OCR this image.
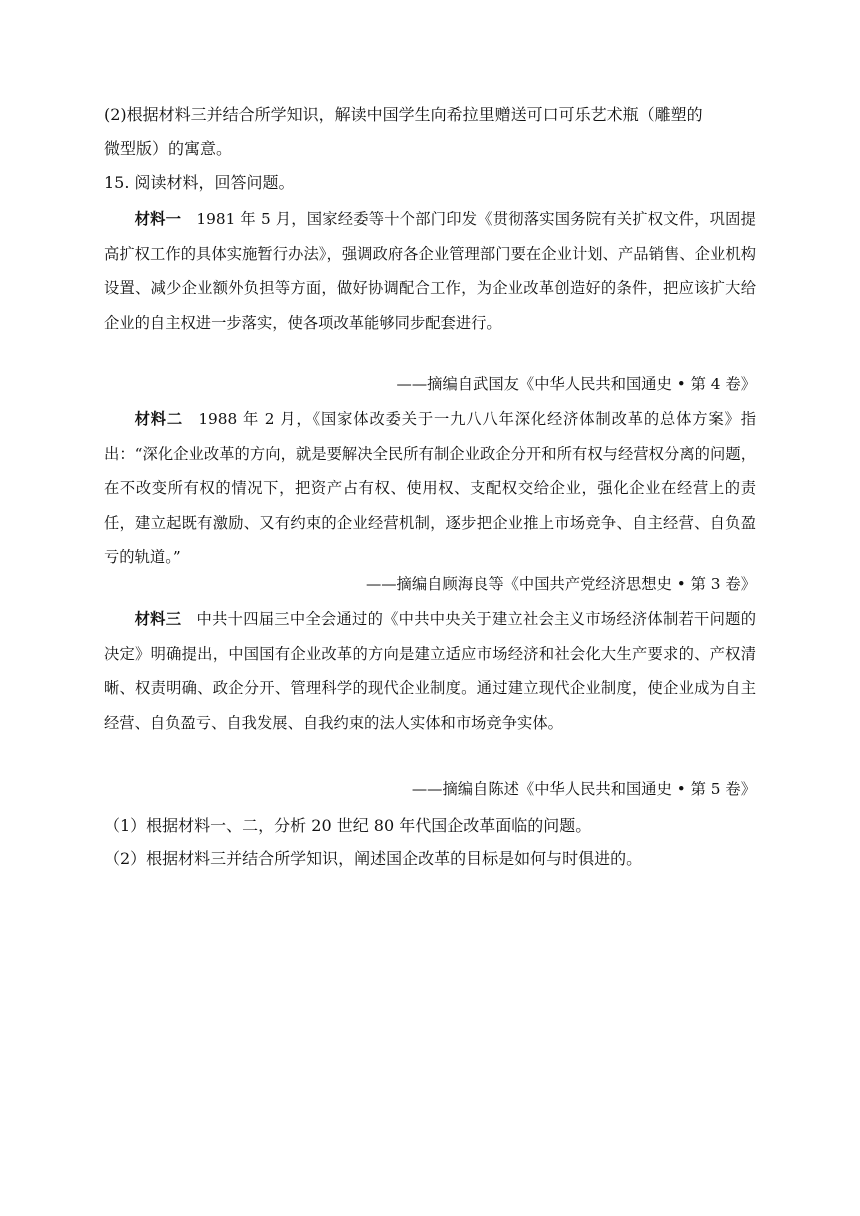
(2)根据材料三并结合所学知识，解读中国学生向希拉里赠送可口可乐艺术瓶（雕塑的
微型版）的寓意。
15. 阅读材料，回答问题。

材料一 1981 年 5 月，国家经委等十个部门印发《贯彻落实国务院有关扩权文件，巩固提高扩权工作的具体实施暂行办法》，强调政府各企业管理部门要在企业计划、产品销售、企业机构设置、减少企业额外负担等方面，做好协调配合工作，为企业改革创造好的条件，把应该扩大给企业的自主权进一步落实，使各项改革能够同步配套进行。

——摘编自武国友《中华人民共和国通史 • 第 4 卷》

材料二 1988 年 2 月，《国家体改委关于一九八八年深化经济体制改革的总体方案》指出：“深化企业改革的方向，就是要解决全民所有制企业政企分开和所有权与经营权分离的问题，在不改变所有权的情况下，把资产占有权、使用权、支配权交给企业，强化企业在经营上的责任，建立起既有激励、又有约束的企业经营机制，逐步把企业推上市场竞争、自主经营、自负盈亏的轨道。”

——摘编自顾海良等《中国共产党经济思想史 • 第 3 卷》

材料三 中共十四届三中全会通过的《中共中央关于建立社会主义市场经济体制若干问题的决定》明确提出，中国国有企业改革的方向是建立适应市场经济和社会化大生产要求的、产权清晰、权责明确、政企分开、管理科学的现代企业制度。通过建立现代企业制度，使企业成为自主经营、自负盈亏、自我发展、自我约束的法人实体和市场竞争实体。

——摘编自陈述《中华人民共和国通史 • 第 5 卷》
（1）根据材料一、二，分析 20 世纪 80 年代国企改革面临的问题。
（2）根据材料三并结合所学知识，阐述国企改革的目标是如何与时俱进的。
